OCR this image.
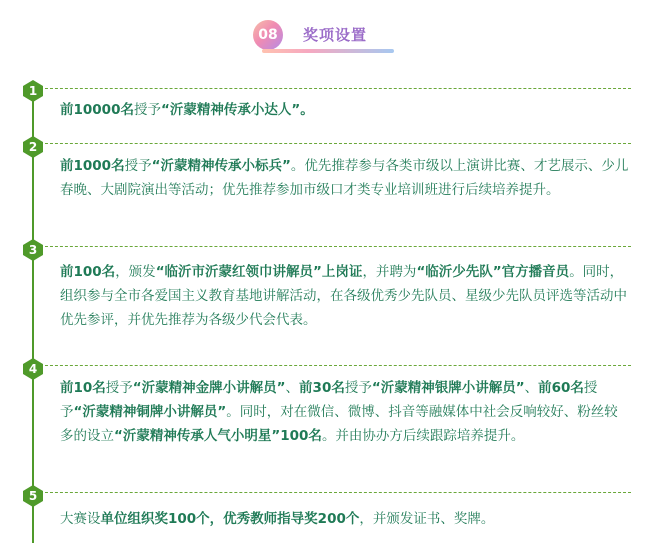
08	奖项设置
1
2
3
4
5
前10000名授予“沂蒙精神传承小达人”。
前1000名授予“沂蒙精神传承小标兵”。优先推荐参与各类市级以上演讲比赛、才艺展示、少儿春晚、大剧院演出等活动；优先推荐参加市级口才类专业培训班进行后续培养提升。
前100名，颁发“临沂市沂蒙红领巾讲解员”上岗证，并聘为“临沂少先队”官方播音员。同时，组织参与全市各爱国主义教育基地讲解活动，在各级优秀少先队员、星级少先队员评选等活动中优先参评，并优先推荐为各级少代会代表。
前10名授予“沂蒙精神金牌小讲解员”、前30名授予“沂蒙精神银牌小讲解员”、前60名授予“沂蒙精神铜牌小讲解员”。同时，对在微信、微博、抖音等融媒体中社会反响较好、粉丝较多的设立“沂蒙精神传承人气小明星”100名。并由协办方后续跟踪培养提升。
大赛设单位组织奖100个，优秀教师指导奖200个，并颁发证书、奖牌。
